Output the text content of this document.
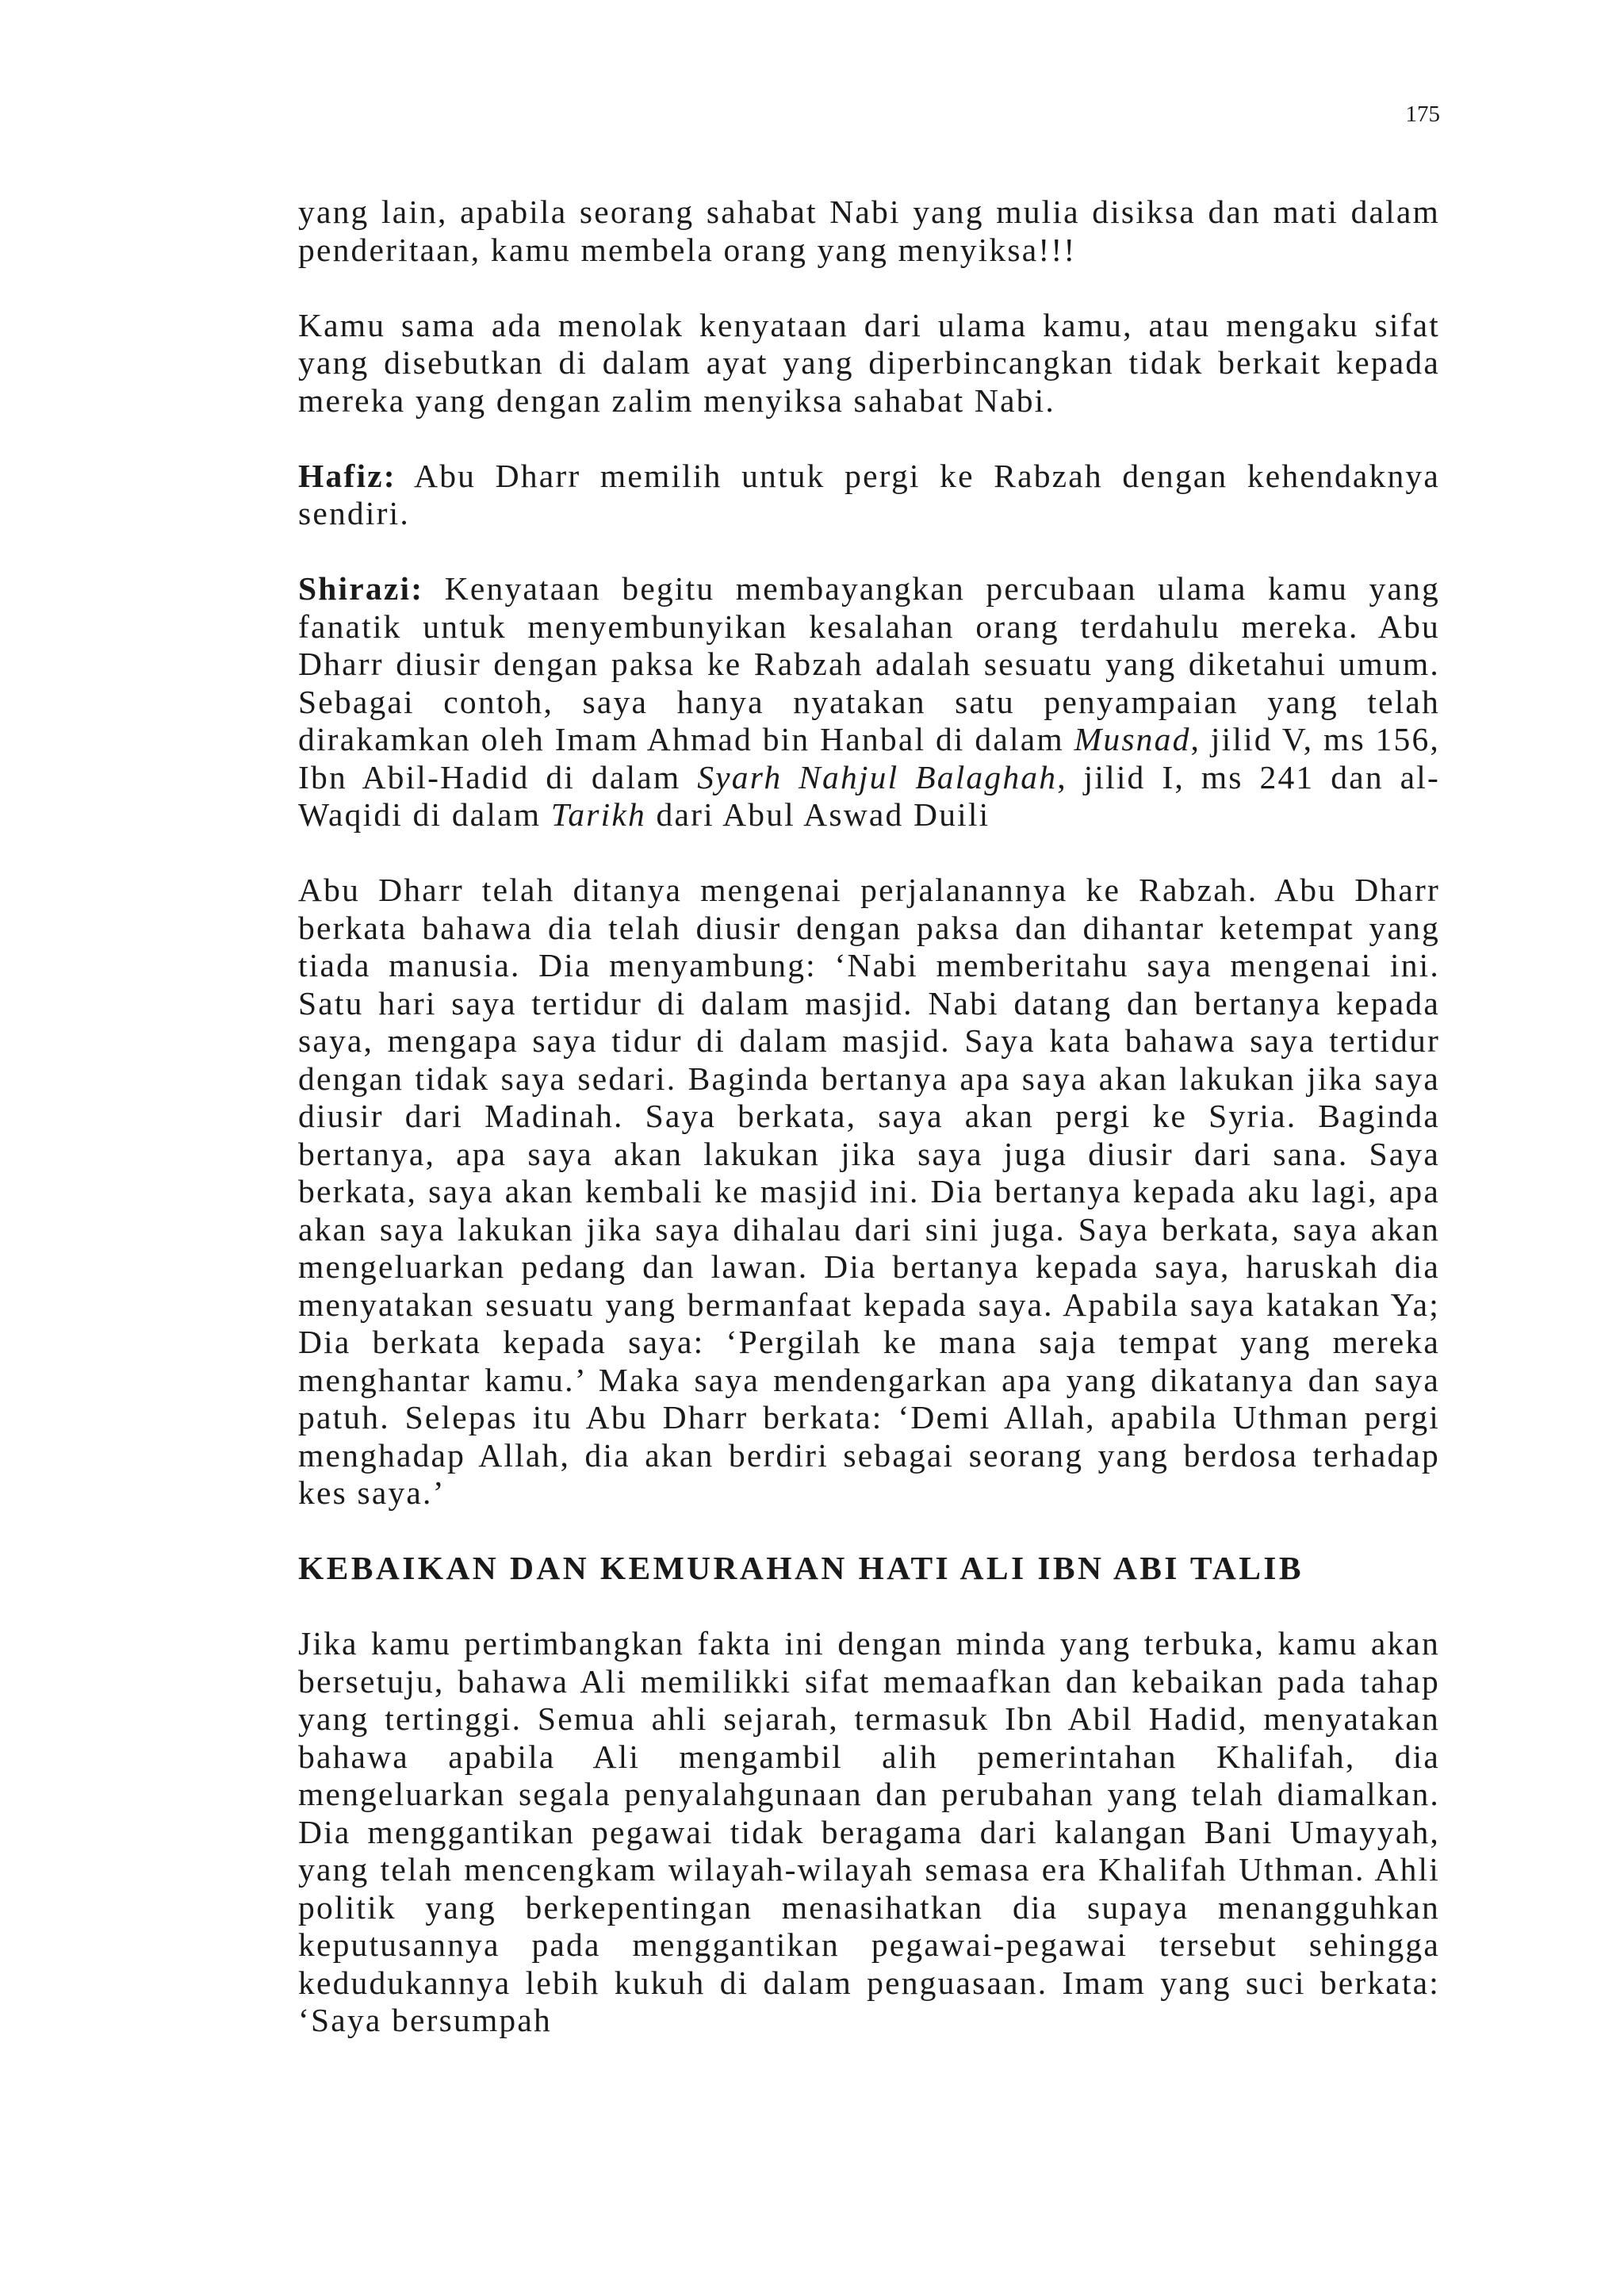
175

yang lain, apabila seorang sahabat Nabi yang mulia disiksa dan mati dalam penderitaan, kamu membela orang yang menyiksa!!!

Kamu sama ada menolak kenyataan dari ulama kamu, atau mengaku sifat yang disebutkan di dalam ayat yang diperbincangkan tidak berkait kepada mereka yang dengan zalim menyiksa sahabat Nabi.

Hafiz: Abu Dharr memilih untuk pergi ke Rabzah dengan kehendaknya sendiri.

Shirazi: Kenyataan begitu membayangkan percubaan ulama kamu yang fanatik untuk menyembunyikan kesalahan orang terdahulu mereka. Abu Dharr diusir dengan paksa ke Rabzah adalah sesuatu yang diketahui umum. Sebagai contoh, saya hanya nyatakan satu penyampaian yang telah dirakamkan oleh Imam Ahmad bin Hanbal di dalam Musnad, jilid V, ms 156, Ibn Abil-Hadid di dalam Syarh Nahjul Balaghah, jilid I, ms 241 dan al-Waqidi di dalam Tarikh dari Abul Aswad Duili

Abu Dharr telah ditanya mengenai perjalanannya ke Rabzah. Abu Dharr berkata bahawa dia telah diusir dengan paksa dan dihantar ketempat yang tiada manusia. Dia menyambung: ‘Nabi memberitahu saya mengenai ini. Satu hari saya tertidur di dalam masjid. Nabi datang dan bertanya kepada saya, mengapa saya tidur di dalam masjid. Saya kata bahawa saya tertidur dengan tidak saya sedari. Baginda bertanya apa saya akan lakukan jika saya diusir dari Madinah. Saya berkata, saya akan pergi ke Syria. Baginda bertanya, apa saya akan lakukan jika saya juga diusir dari sana. Saya berkata, saya akan kembali ke masjid ini. Dia bertanya kepada aku lagi, apa akan saya lakukan jika saya dihalau dari sini juga. Saya berkata, saya akan mengeluarkan pedang dan lawan. Dia bertanya kepada saya, haruskah dia menyatakan sesuatu yang bermanfaat kepada saya. Apabila saya katakan Ya; Dia berkata kepada saya: ‘Pergilah ke mana saja tempat yang mereka menghantar kamu.’ Maka saya mendengarkan apa yang dikatanya dan saya patuh. Selepas itu Abu Dharr berkata: ‘Demi Allah, apabila Uthman pergi menghadap Allah, dia akan berdiri sebagai seorang yang berdosa terhadap kes saya.’

KEBAIKAN DAN KEMURAHAN HATI ALI IBN ABI TALIB

Jika kamu pertimbangkan fakta ini dengan minda yang terbuka, kamu akan bersetuju, bahawa Ali memilikki sifat memaafkan dan kebaikan pada tahap yang tertinggi. Semua ahli sejarah, termasuk Ibn Abil Hadid, menyatakan bahawa apabila Ali mengambil alih pemerintahan Khalifah, dia mengeluarkan segala penyalahgunaan dan perubahan yang telah diamalkan. Dia menggantikan pegawai tidak beragama dari kalangan Bani Umayyah, yang telah mencengkam wilayah-wilayah semasa era Khalifah Uthman. Ahli politik yang berkepentingan menasihatkan dia supaya menangguhkan keputusannya pada menggantikan pegawai-pegawai tersebut sehingga kedudukannya lebih kukuh di dalam penguasaan. Imam yang suci berkata: ‘Saya bersumpah
